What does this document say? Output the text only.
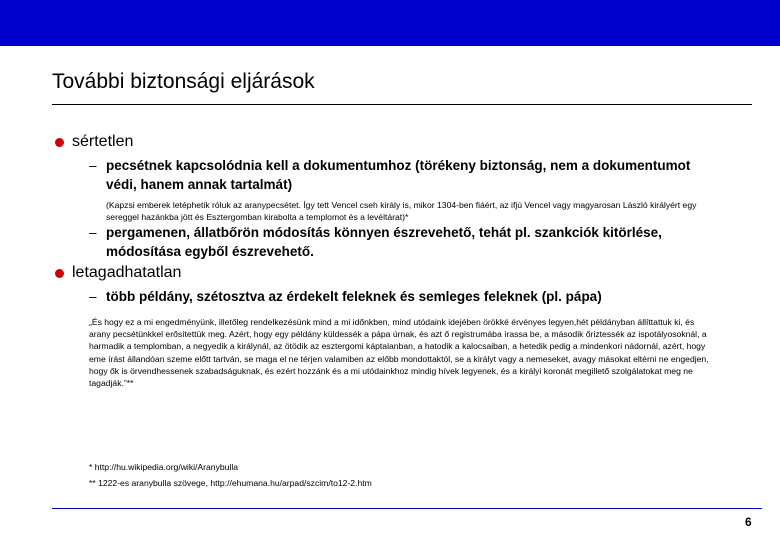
További biztonsági eljárások
sértetlen
– pecsétnek kapcsolódnia kell a dokumentumhoz (törékeny biztonság, nem a dokumentumot védi, hanem annak tartalmát)
(Kapzsi emberek letéphetik róluk az aranypecsétet. Így tett Vencel cseh király is, mikor 1304-ben fiáért, az ifjú Vencel vagy magyarosan László királyért egy sereggel hazánkba jött és Esztergomban kirabolta a templomot és a levéltárat)*
– pergamenen, állatbőrön módosítás könnyen észrevehető, tehát pl. szankciók kitörlése, módosítása egyből észrevehető.
letagadhatatlan
– több példány, szétosztva az érdekelt feleknek és semleges feleknek (pl. pápa)
„És hogy ez a mi engedményünk, illetőleg rendelkezésünk mind a mi időnkben, mind utódaink idejében örökké érvényes legyen,hét példányban állíttattuk ki, és arany pecsétünkkel erősítettük meg. Azért, hogy egy példány küldessék a pápa úrnak, és azt ő registrumába írassa be, a második őriztessék az ispotályosoknál, a harmadik a templomban, a negyedik a királynál, az ötödik az esztergomi káptalanban, a hatodik a kalocsaiban, a hetedik pedig a mindenkori nádornál, azért, hogy eme írást állandóan szeme előtt tartván, se maga el ne térjen valamiben az előbb mondottaktól, se a királyt vagy a nemeseket, avagy másokat eltérni ne engedjen, hogy ők is örvendhessenek szabadságuknak, és ezért hozzánk és a mi utódainkhoz mindig hívek legyenek, és a királyi koronát megillető szolgálatokat meg ne tagadják.”**
* http://hu.wikipedia.org/wiki/Aranybulla
** 1222-es aranybulla szövege, http://ehumana.hu/arpad/szcim/to12-2.htm
6
